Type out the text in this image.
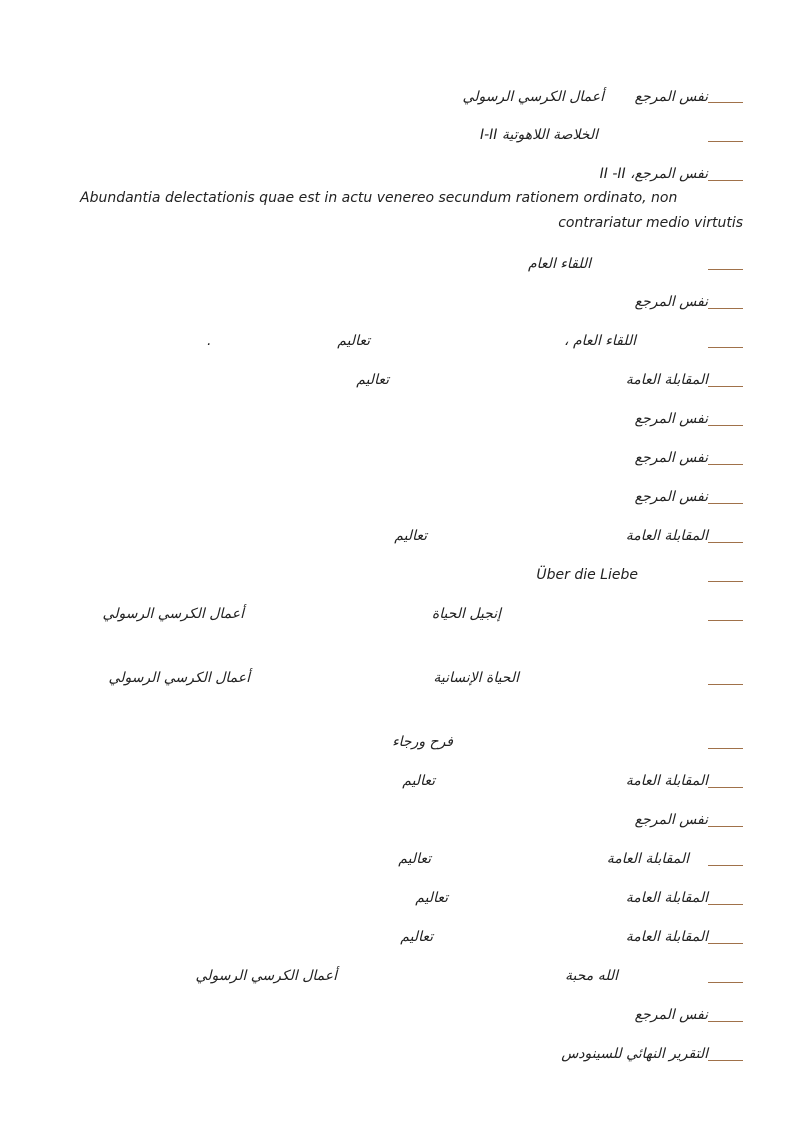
نفس المرجع
أعمال الكرسي الرسولي
الخلاصة اللاهوتية I-II
نفس المرجع، II -II
Abundantia delectationis quae est in actu venereo secundum rationem ordinato, non
contrariatur medio virtutis
اللقاء العام
نفس المرجع
اللقاء العام ،
تعاليم
.
المقابلة العامة
تعاليم
نفس المرجع
نفس المرجع
نفس المرجع
المقابلة العامة
تعاليم
Über die Liebe
إنجيل الحياة
أعمال الكرسي الرسولي
الحياة الإنسانية
أعمال الكرسي الرسولي
فرح ورجاء
المقابلة العامة
تعاليم
نفس المرجع
المقابلة العامة
تعاليم
المقابلة العامة
تعاليم
المقابلة العامة
تعاليم
الله محبة
أعمال الكرسي الرسولي
نفس المرجع
التقرير النهائي للسينودس
